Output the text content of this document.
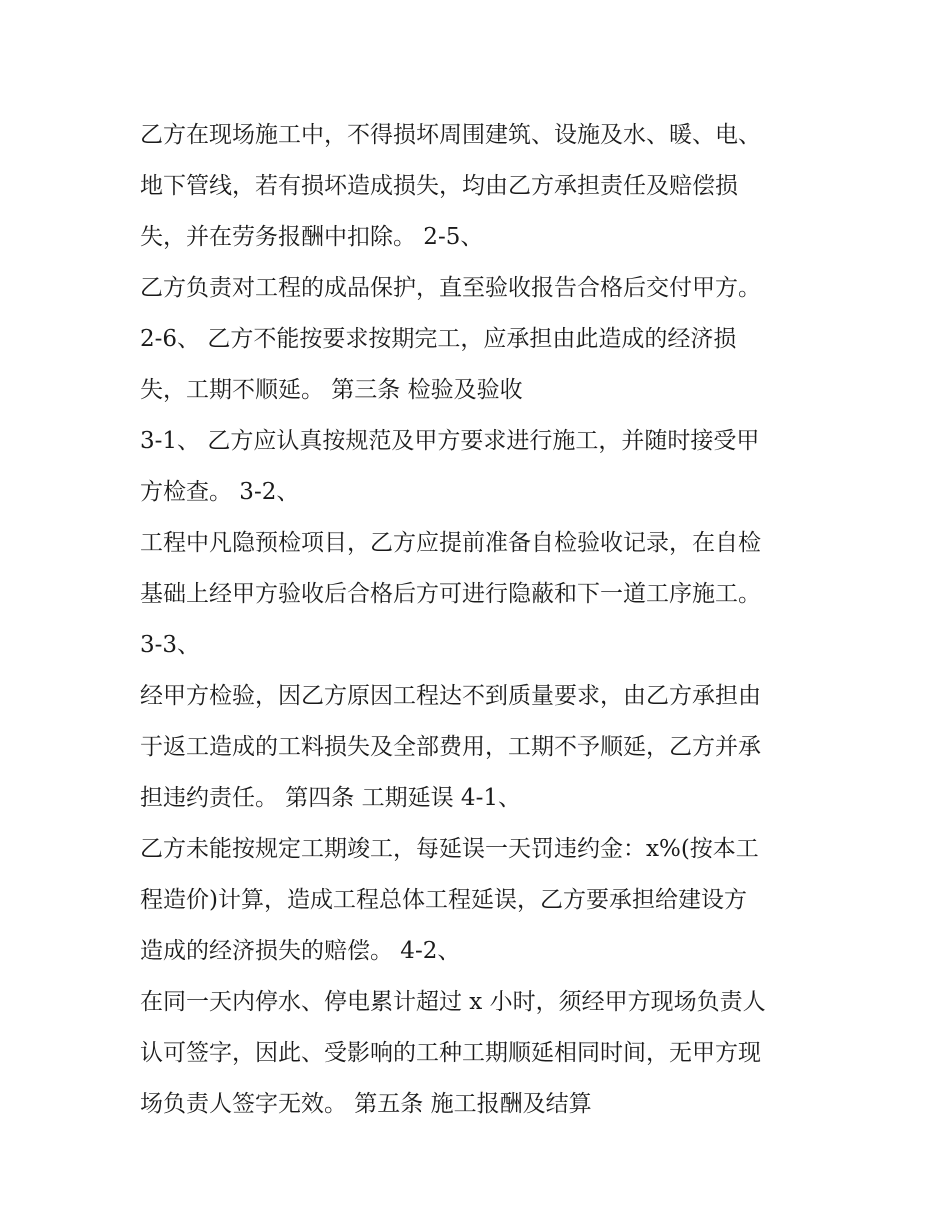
乙方在现场施工中，不得损坏周围建筑、设施及水、暖、电、

地下管线，若有损坏造成损失，均由乙方承担责任及赔偿损

失，并在劳务报酬中扣除。 2-5、

乙方负责对工程的成品保护，直至验收报告合格后交付甲方。

2-6、 乙方不能按要求按期完工，应承担由此造成的经济损

失，工期不顺延。 第三条 检验及验收

3-1、 乙方应认真按规范及甲方要求进行施工，并随时接受甲

方检查。 3-2、

工程中凡隐预检项目，乙方应提前准备自检验收记录，在自检

基础上经甲方验收后合格后方可进行隐蔽和下一道工序施工。

3-3、

经甲方检验，因乙方原因工程达不到质量要求，由乙方承担由

于返工造成的工料损失及全部费用，工期不予顺延，乙方并承

担违约责任。 第四条 工期延误 4-1、

乙方未能按规定工期竣工，每延误一天罚违约金：x%(按本工

程造价)计算，造成工程总体工程延误，乙方要承担给建设方

造成的经济损失的赔偿。 4-2、

在同一天内停水、停电累计超过 x 小时，须经甲方现场负责人

认可签字，因此、受影响的工种工期顺延相同时间，无甲方现

场负责人签字无效。 第五条 施工报酬及结算
